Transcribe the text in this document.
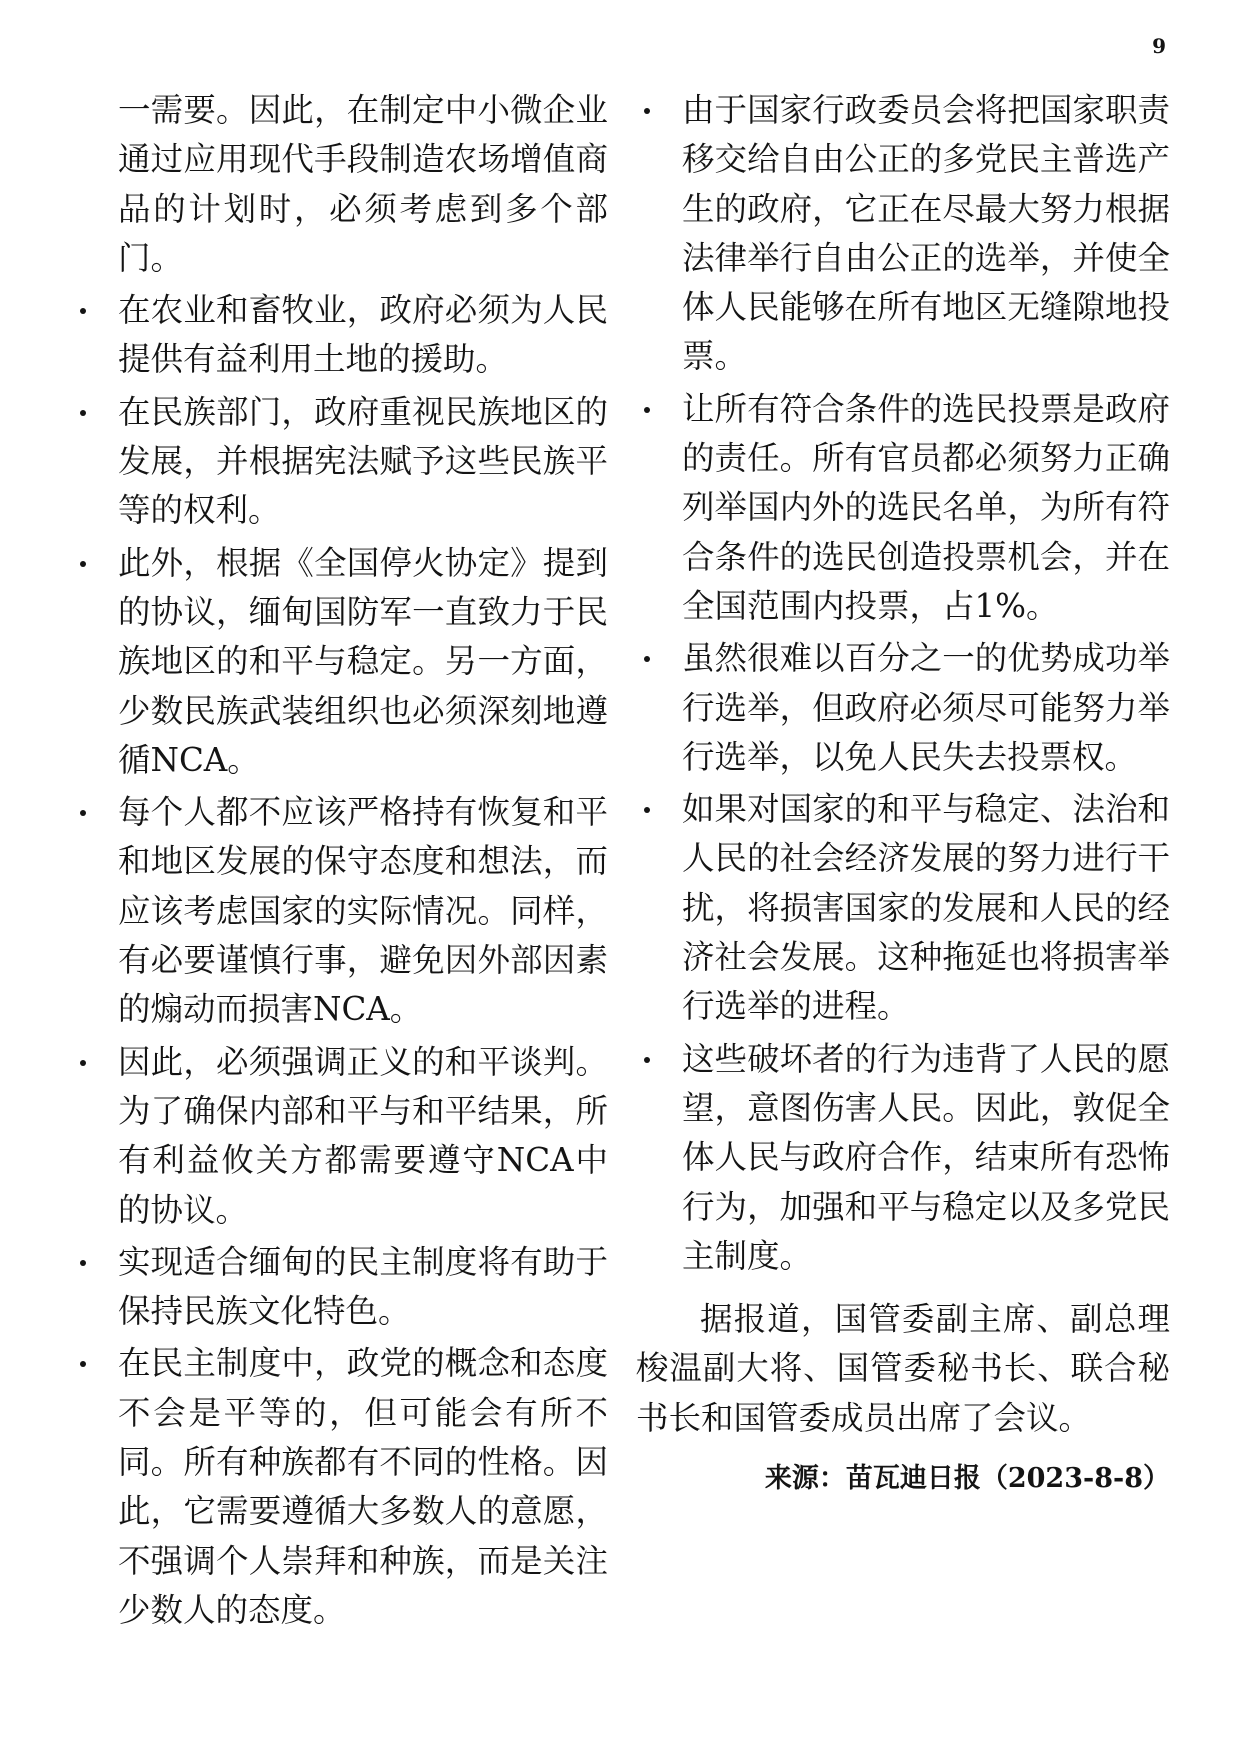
9

一需要。因此，在制定中小微企业通过应用现代手段制造农场增值商品的计划时，必须考虑到多个部门。

在农业和畜牧业，政府必须为人民提供有益利用土地的援助。
在民族部门，政府重视民族地区的发展，并根据宪法赋予这些民族平等的权利。
此外，根据《全国停火协定》提到的协议，缅甸国防军一直致力于民族地区的和平与稳定。另一方面，少数民族武装组织也必须深刻地遵循NCA。
每个人都不应该严格持有恢复和平和地区发展的保守态度和想法，而应该考虑国家的实际情况。同样，有必要谨慎行事，避免因外部因素的煽动而损害NCA。
因此，必须强调正义的和平谈判。为了确保内部和平与和平结果，所有利益攸关方都需要遵守NCA中的协议。
实现适合缅甸的民主制度将有助于保持民族文化特色。
在民主制度中，政党的概念和态度不会是平等的，但可能会有所不同。所有种族都有不同的性格。因此，它需要遵循大多数人的意愿，不强调个人崇拜和种族，而是关注少数人的态度。
由于国家行政委员会将把国家职责移交给自由公正的多党民主普选产生的政府，它正在尽最大努力根据法律举行自由公正的选举，并使全体人民能够在所有地区无缝隙地投票。
让所有符合条件的选民投票是政府的责任。所有官员都必须努力正确列举国内外的选民名单，为所有符合条件的选民创造投票机会，并在全国范围内投票，占1%。
虽然很难以百分之一的优势成功举行选举，但政府必须尽可能努力举行选举，以免人民失去投票权。
如果对国家的和平与稳定、法治和人民的社会经济发展的努力进行干扰，将损害国家的发展和人民的经济社会发展。这种拖延也将损害举行选举的进程。
这些破坏者的行为违背了人民的愿望，意图伤害人民。因此，敦促全体人民与政府合作，结束所有恐怖行为，加强和平与稳定以及多党民主制度。

据报道，国管委副主席、副总理梭温副大将、国管委秘书长、联合秘书长和国管委成员出席了会议。

来源：苗瓦迪日报（2023-8-8）
